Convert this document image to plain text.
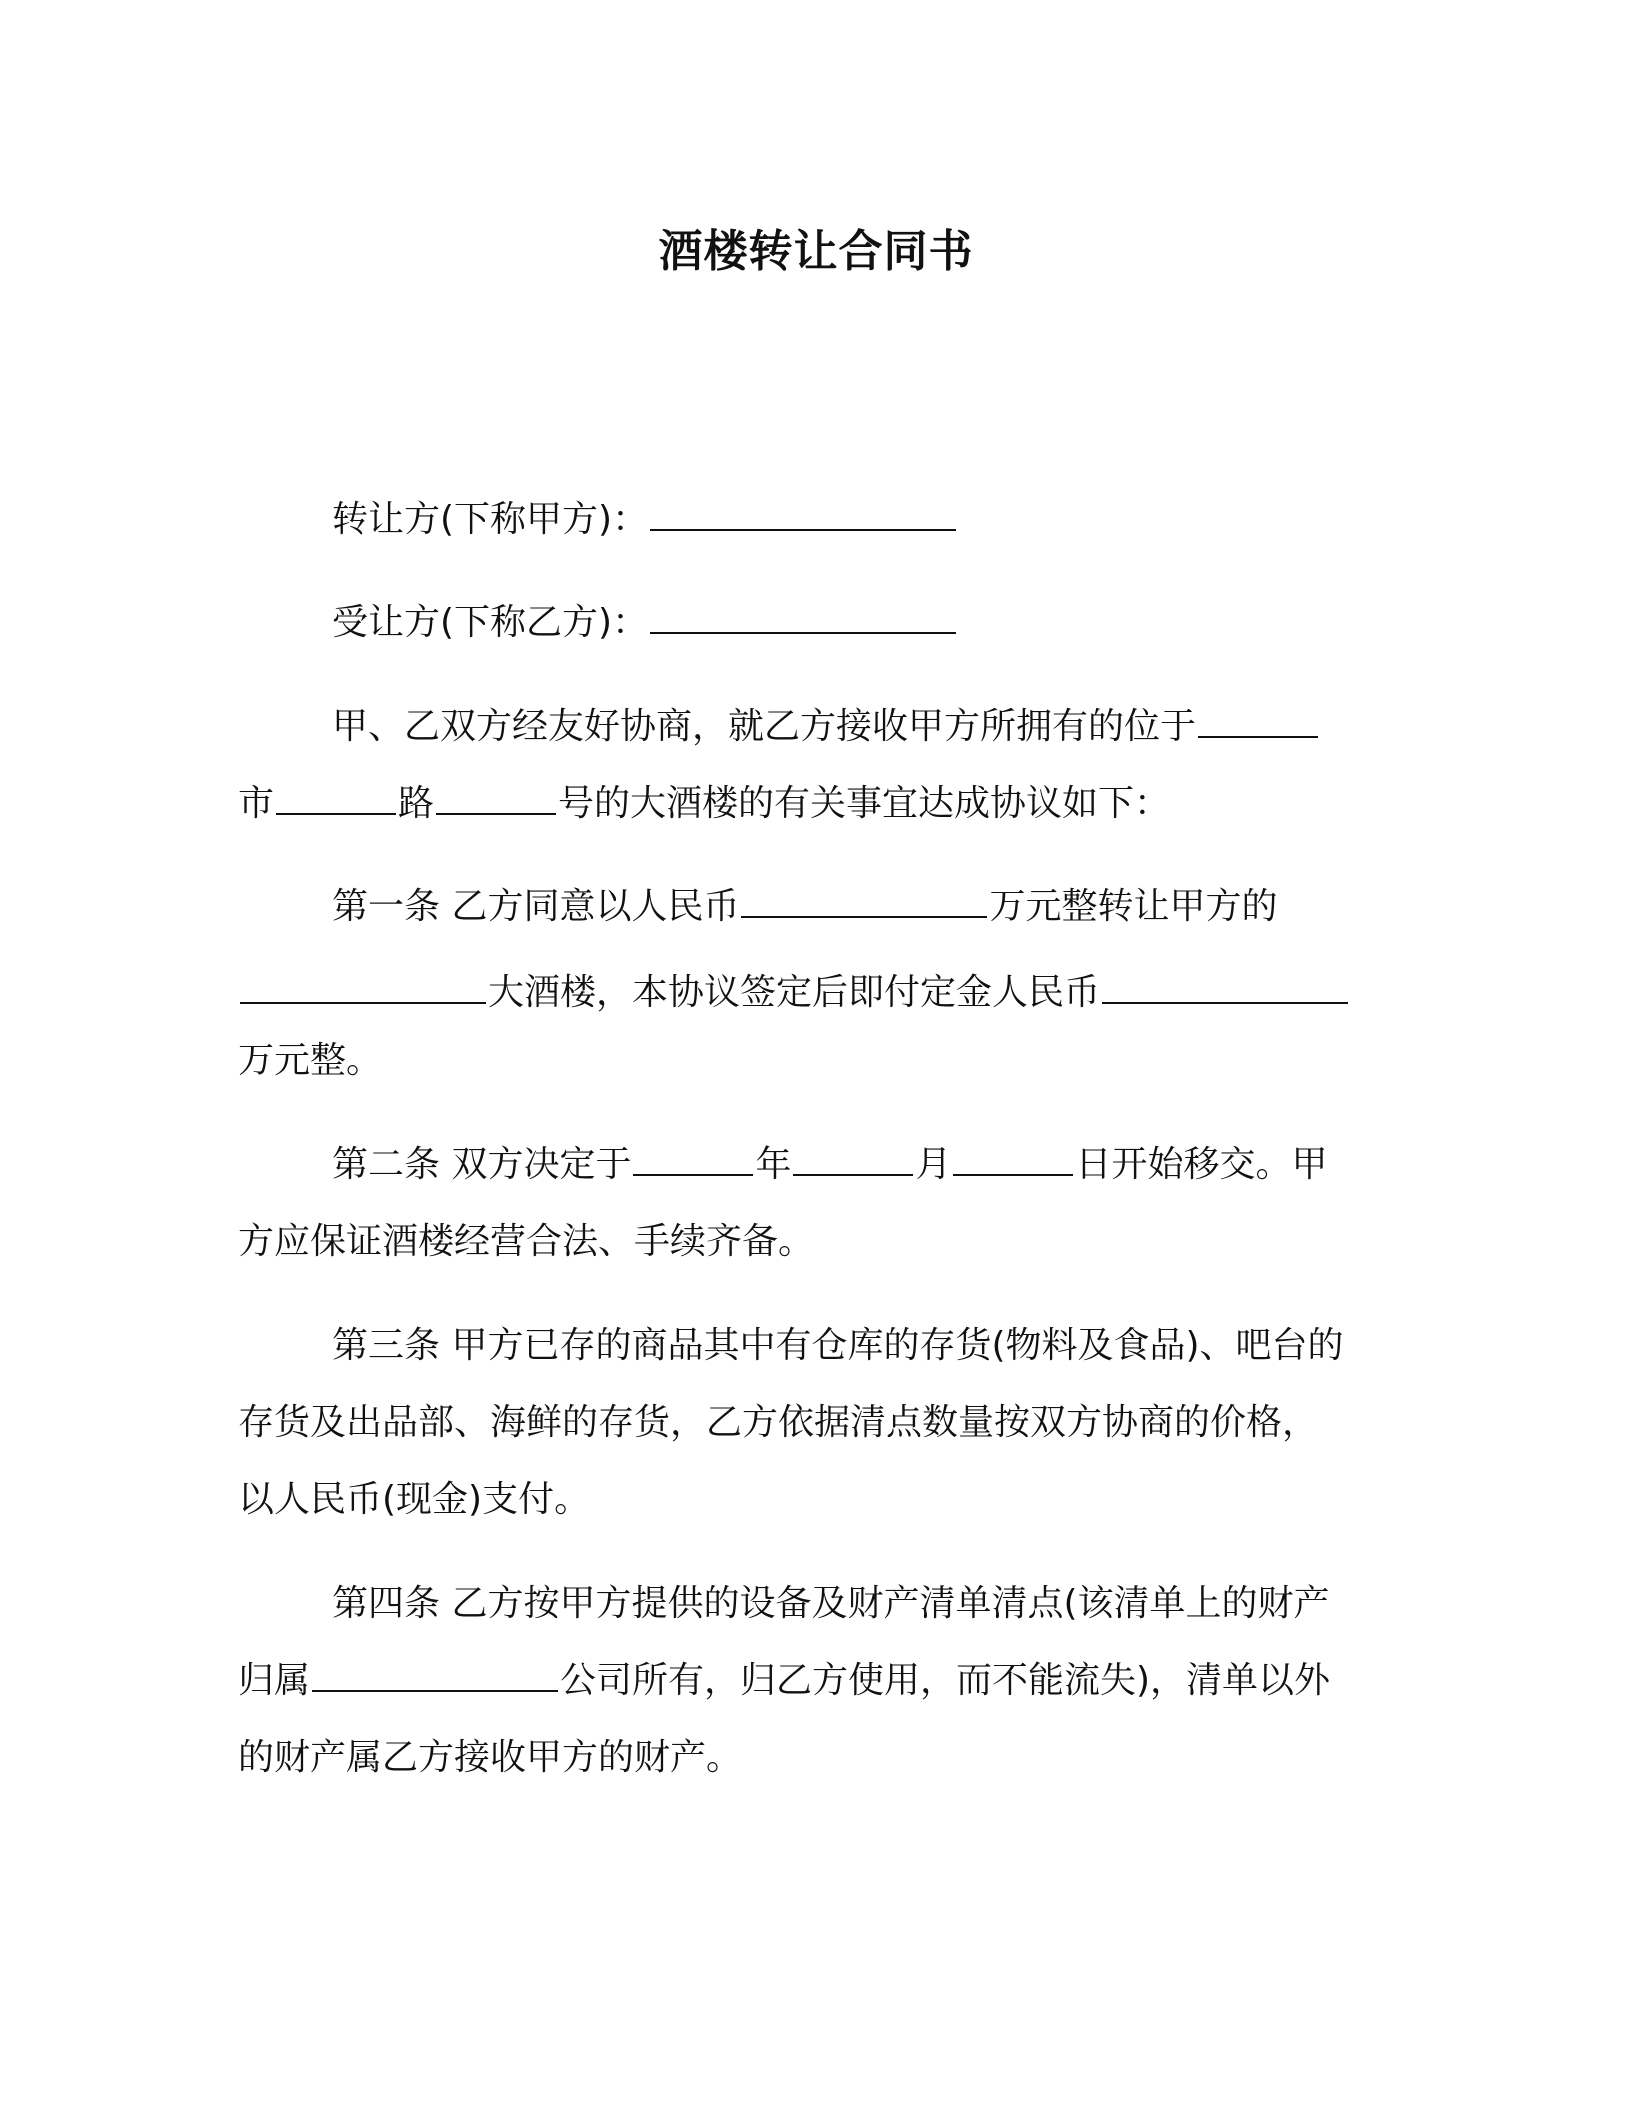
酒楼转让合同书
转让方(下称甲方)：
受让方(下称乙方)：
甲、乙双方经友好协商，就乙方接收甲方所拥有的位于
市	路	号的大酒楼的有关事宜达成协议如下：
第一条 乙方同意以人民币	万元整转让甲方的
大酒楼，本协议签定后即付定金人民币
万元整。
第二条 双方决定于	年	月	日开始移交。甲
方应保证酒楼经营合法、手续齐备。
第三条 甲方已存的商品其中有仓库的存货(物料及食品)、吧台的
存货及出品部、海鲜的存货，乙方依据清点数量按双方协商的价格，
以人民币(现金)支付。
第四条 乙方按甲方提供的设备及财产清单清点(该清单上的财产
归属	公司所有，归乙方使用，而不能流失)，清单以外
的财产属乙方接收甲方的财产。
